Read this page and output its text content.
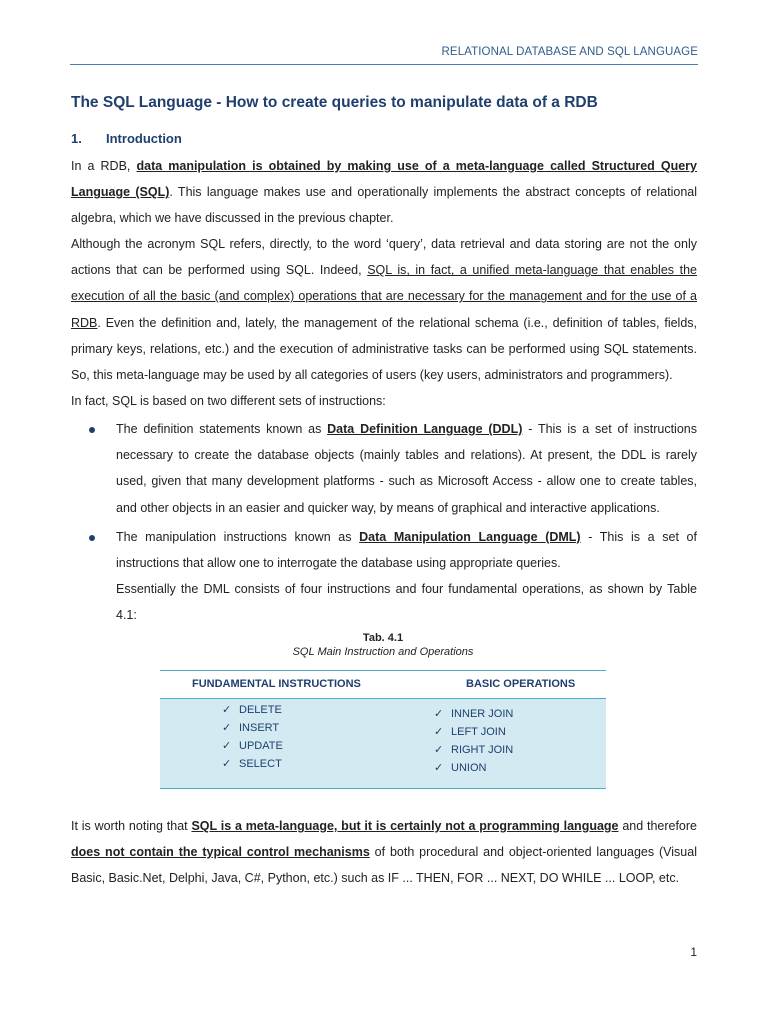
RELATIONAL DATABASE AND SQL LANGUAGE
The SQL Language - How to create queries to manipulate data of a RDB
1. Introduction

In a RDB, data manipulation is obtained by making use of a meta-language called Structured Query Language (SQL). This language makes use and operationally implements the abstract concepts of relational algebra, which we have discussed in the previous chapter.

Although the acronym SQL refers, directly, to the word ‘query’, data retrieval and data storing are not the only actions that can be performed using SQL. Indeed, SQL is, in fact, a unified meta-language that enables the execution of all the basic (and complex) operations that are necessary for the management and for the use of a RDB. Even the definition and, lately, the management of the relational schema (i.e., definition of tables, fields, primary keys, relations, etc.) and the execution of administrative tasks can be performed using SQL statements. So, this meta-language may be used by all categories of users (key users, administrators and programmers).

In fact, SQL is based on two different sets of instructions:

The definition statements known as Data Definition Language (DDL) - This is a set of instructions necessary to create the database objects (mainly tables and relations). At present, the DDL is rarely used, given that many development platforms - such as Microsoft Access - allow one to create tables, and other objects in an easier and quicker way, by means of graphical and interactive applications.

The manipulation instructions known as Data Manipulation Language (DML) - This is a set of instructions that allow one to interrogate the database using appropriate queries.

Essentially the DML consists of four instructions and four fundamental operations, as shown by Table 4.1:

Tab. 4.1
SQL Main Instruction and Operations
FUNDAMENTAL INSTRUCTIONS	BASIC OPERATIONS
✓ DELETE
✓ INSERT
✓ UPDATE
✓ SELECT
✓ INNER JOIN
✓ LEFT JOIN
✓ RIGHT JOIN
✓ UNION

It is worth noting that SQL is a meta-language, but it is certainly not a programming language and therefore does not contain the typical control mechanisms of both procedural and object-oriented languages (Visual Basic, Basic.Net, Delphi, Java, C#, Python, etc.) such as IF ... THEN, FOR ... NEXT, DO WHILE ... LOOP, etc.

1
